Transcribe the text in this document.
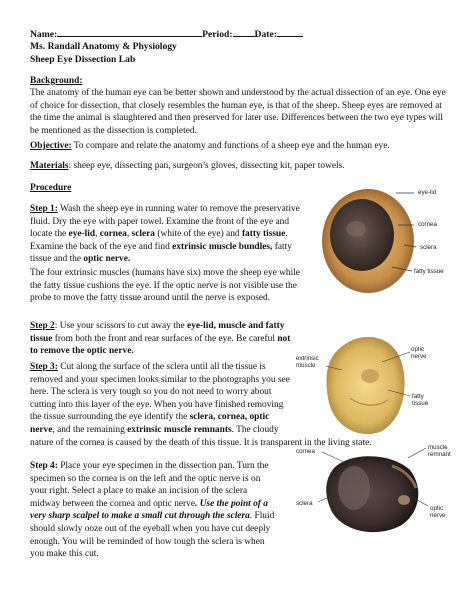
Name:	Period: Date:
Ms. Randall Anatomy & Physiology
Sheep Eye Dissection Lab
Background:
The anatomy of the human eye can be better shown and understood by the actual dissection of an eye. One eye
of choice for dissection, that closely resembles the human eye, is that of the sheep. Sheep eyes are removed at
the time the animal is slaughtered and then preserved for later use. Differences between the two eye types will
be mentioned as the dissection is completed.
Objective: To compare and relate the anatomy and functions of a sheep eye and the human eye.
Materials: sheep eye, dissecting pan, surgeon’s gloves, dissecting kit, paper towels.
Procedure
Step 1: Wash the sheep eye in running water to remove the preservative
fluid. Dry the eye with paper towel. Examine the front of the eye and
locate the eye-lid, cornea, sclera (white of the eye) and fatty tissue.
Examine the back of the eye and find extrinsic muscle bundles, fatty
tissue and the optic nerve.
The four extrinsic muscles (humans have six) move the sheep eye while
the fatty tissue cushions the eye. If the optic nerve is not visible use the
probe to move the fatty tissue around until the nerve is exposed.
Step 2: Use your scissors to cut away the eye-lid, muscle and fatty
tissue from both the front and rear surfaces of the eye. Be careful not
to remove the optic nerve.
Step 3: Cut along the surface of the sclera until all the tissue is
removed and your specimen looks similar to the photographs you see
here. The sclera is very tough so you do not need to worry about
cutting into this layer of the eye. When you have finished removing
the tissue surrounding the eye identify the sclera, cornea, optic
nerve, and the remaining extrinsic muscle remnants. The cloudy
nature of the cornea is caused by the death of this tissue. It is transparent in the living state.
Step 4: Place your eye specimen in the dissection pan. Turn the
specimen so the cornea is on the left and the optic nerve is on
your right. Select a place to make an incision of the sclera
midway between the cornea and optic nerve. Use the point of a
very sharp scalpel to make a small cut through the sclera. Fluid
should slowly ooze out of the eyeball when you have cut deeply
enough. You will be reminded of how tough the sclera is when
you make this cut.
eye-lid
cornea
sclera
fatty tissue
extrinsic
muscle
optic
nerve
fatty
tissue
cornea
muscle
remnant
sclera
optic
nerve
